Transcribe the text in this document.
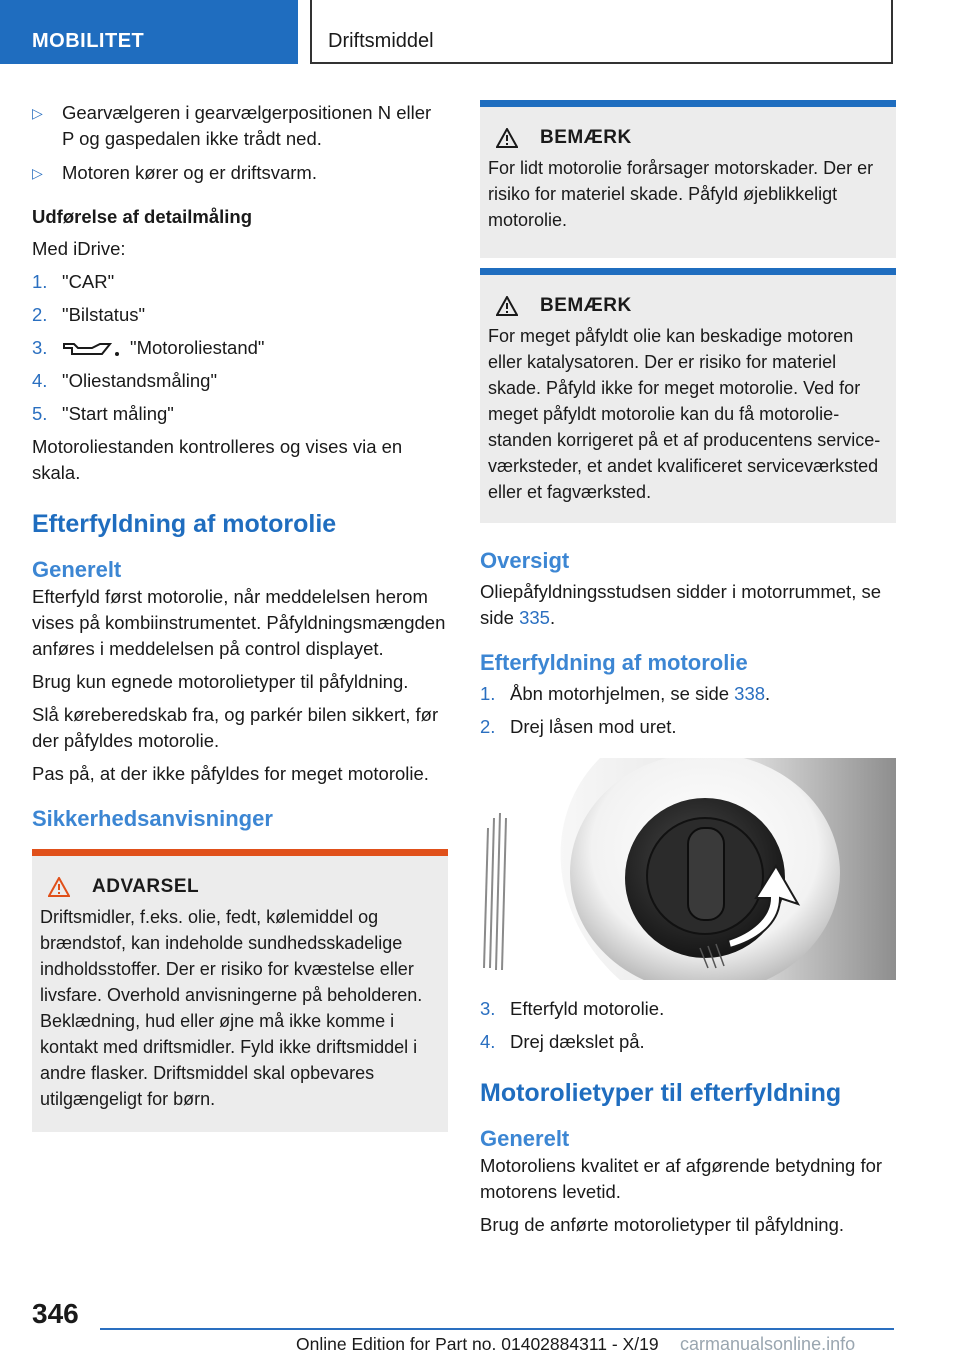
MOBILITET	Driftsmiddel
▷ Gearvælgeren i gearvælgerpositionen N eller P og gaspedalen ikke trådt ned.
▷ Motoren kører og er driftsvarm.
Udførelse af detailmåling

Med iDrive:

1. "CAR"
2. "Bilstatus"
3.	"Motoroliestand"
4. "Oliestandsmåling"
5. "Start måling"

Motoroliestanden kontrolleres og vises via en skala.

Efterfyldning af motorolie
Generelt

Efterfyld først motorolie, når meddelelsen herom vises på kombiinstrumentet. Påfyldningsmængden anføres i meddelelsen på control displayet.

Brug kun egnede motorolietyper til påfyldning.

Slå køreberedskab fra, og parkér bilen sikkert, før der påfyldes motorolie.

Pas på, at der ikke påfyldes for meget motorolie.

Sikkerhedsanvisninger
ADVARSEL

Driftsmidler, f.eks. olie, fedt, kølemiddel og brændstof, kan indeholde sundhedsskadelige indholdsstoffer. Der er risiko for kvæstelse eller livsfare. Overhold anvisningerne på beholderen. Beklædning, hud eller øjne må ikke komme i kontakt med driftsmidler. Fyld ikke driftsmiddel i andre flasker. Driftsmiddel skal opbevares utilgængeligt for børn.

BEMÆRK

For lidt motorolie forårsager motorskader. Der er risiko for materiel skade. Påfyld øjeblikkeligt motorolie.

BEMÆRK

For meget påfyldt olie kan beskadige motoren eller katalysatoren. Der er risiko for materiel skade. Påfyld ikke for meget motorolie. Ved for meget påfyldt motorolie kan du få motoroliestanden korrigeret på et af producentens serviceværksteder, et andet kvalificeret serviceværksted eller et fagværksted.

Oversigt

Oliepåfyldningsstudsen sidder i motorrummet, se side 335.

Efterfyldning af motorolie
1. Åbn motorhjelmen, se side 338.
2. Drej låsen mod uret.
3. Efterfyld motorolie.
4. Drej dækslet på.
Motorolietyper til efterfyldning
Generelt

Motoroliens kvalitet er af afgørende betydning for motorens levetid.

Brug de anførte motorolietyper til påfyldning.

346
Online Edition for Part no. 01402884311 - X/19 carmanualsonline.info
